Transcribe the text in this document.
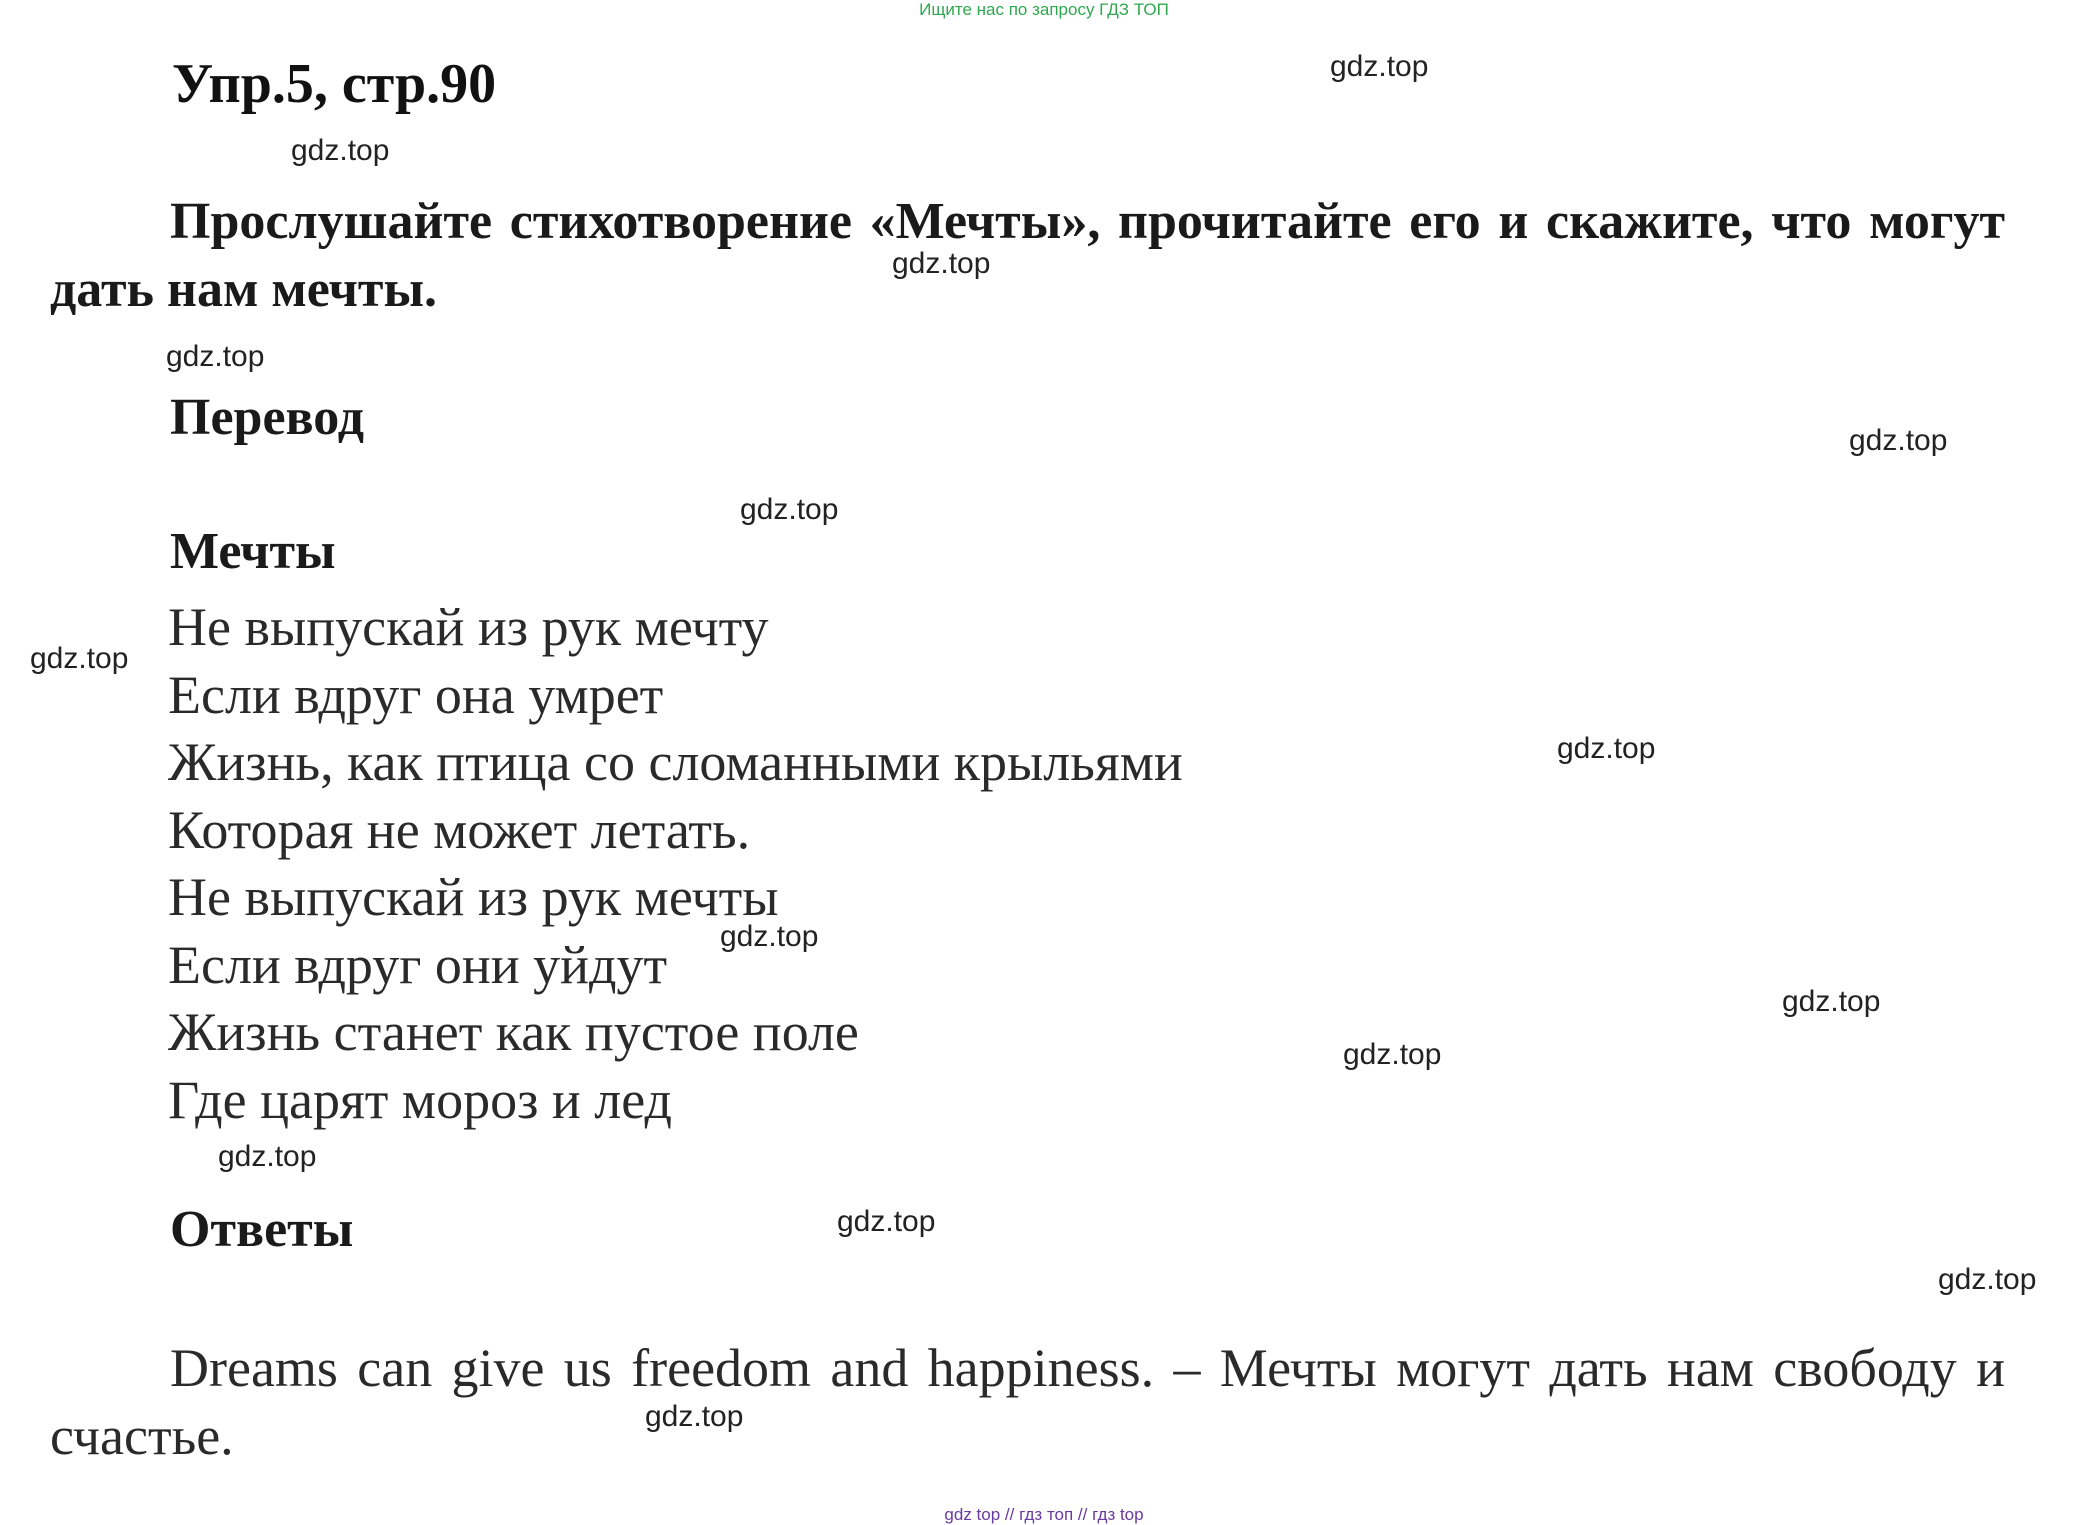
Ищите нас по запросу ГДЗ ТОП
Упр.5, стр.90
Прослушайте стихотворение «Мечты», прочитайте его и скажите, что могут дать нам мечты.
Перевод
Мечты
Не выпускай из рук мечту
Если вдруг она умрет
Жизнь, как птица со сломанными крыльями
Которая не может летать.
Не выпускай из рук мечты
Если вдруг они уйдут
Жизнь станет как пустое поле
Где царят мороз и лед
Ответы
Dreams can give us freedom and happiness. – Мечты могут дать нам свободу и счастье.
gdz.top
gdz.top
gdz.top
gdz.top
gdz.top
gdz.top
gdz.top
gdz.top
gdz.top
gdz.top
gdz.top
gdz.top
gdz.top
gdz.top
gdz.top
gdz top // гдз топ // гдз top
